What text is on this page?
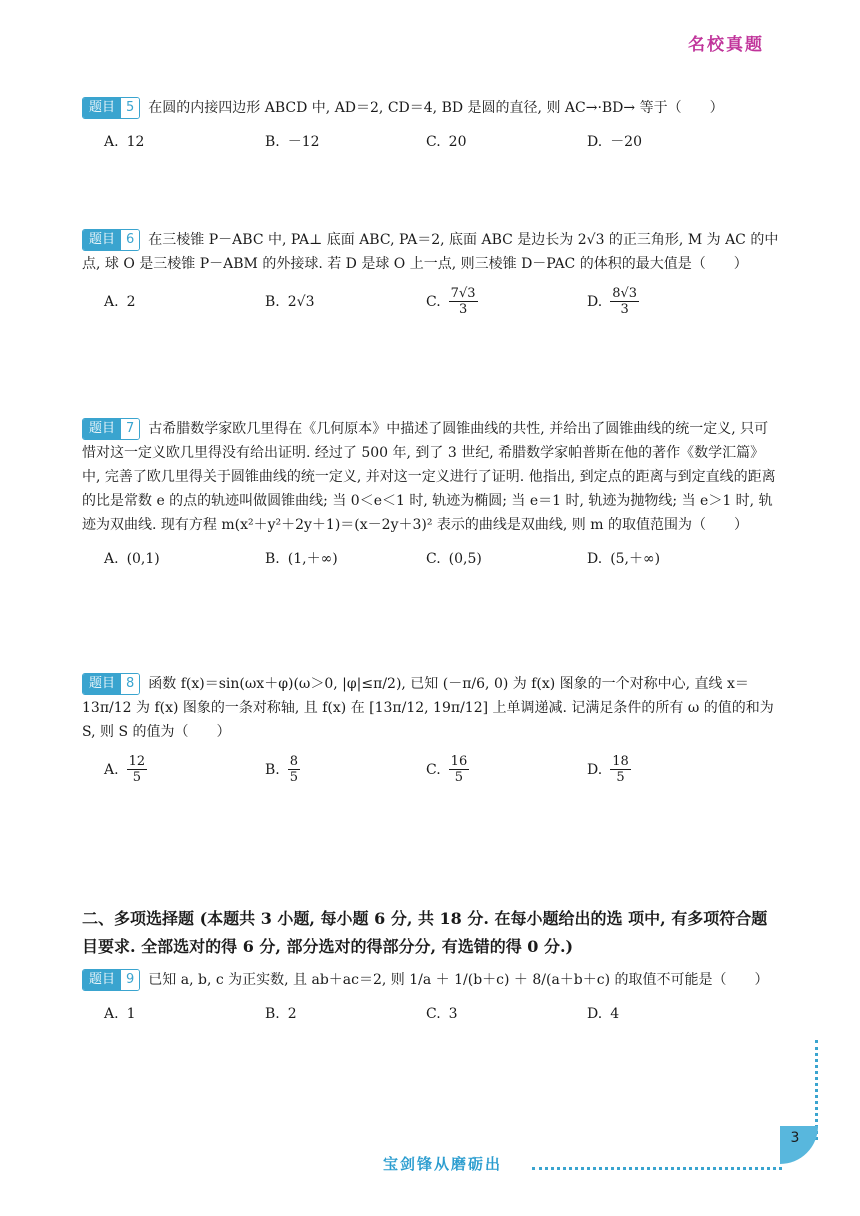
名校真题
题目 5	在圆的内接四边形 ABCD 中, AD＝2, CD＝4, BD 是圆的直径, 则 AC→·BD→ 等于（　　）
A. 12	B. －12	C. 20	D. －20
题目 6	在三棱锥 P－ABC 中, PA⊥ 底面 ABC, PA＝2, 底面 ABC 是边长为 2√3 的正三角形, M 为 AC 的中点, 球 O 是三棱锥 P－ABM 的外接球. 若 D 是球 O 上一点, 则三棱锥 D－PAC 的体积的最大值是（　　）
A. 2	B. 2√3	C. $\frac{7√3}{3}$	D. $\frac{8√3}{3}$
题目 7	古希腊数学家欧几里得在《几何原本》中描述了圆锥曲线的共性, 并给出了圆锥曲线的统一定义, 只可惜对这一定义欧几里得没有给出证明. 经过了 500 年, 到了 3 世纪, 希腊数学家帕普斯在他的著作《数学汇篇》中, 完善了欧几里得关于圆锥曲线的统一定义, 并对这一定义进行了证明. 他指出, 到定点的距离与到定直线的距离的比是常数 e 的点的轨迹叫做圆锥曲线; 当 0＜e＜1 时, 轨迹为椭圆; 当 e＝1 时, 轨迹为抛物线; 当 e＞1 时, 轨迹为双曲线. 现有方程 m(x²＋y²＋2y＋1)＝(x－2y＋3)² 表示的曲线是双曲线, 则 m 的取值范围为（　　）
A. (0,1)	B. (1,＋∞)	C. (0,5)	D. (5,＋∞)
题目 8	函数 f(x)＝sin(ωx＋φ)(ω＞0, |φ|≤π/2), 已知 (－π/6, 0) 为 f(x) 图象的一个对称中心, 直线 x＝13π/12 为 f(x) 图象的一条对称轴, 且 f(x) 在 [13π/12, 19π/12] 上单调递减. 记满足条件的所有 ω 的值的和为 S, 则 S 的值为（　　）
A. $\frac{12}{5}$	B. $\frac{8}{5}$	C. $\frac{16}{5}$	D. $\frac{18}{5}$
二、多项选择题 (本题共 3 小题, 每小题 6 分, 共 18 分. 在每小题给出的选 项中, 有多项符合题目要求. 全部选对的得 6 分, 部分选对的得部分分, 有选错的得 0 分.)
题目 9	已知 a, b, c 为正实数, 且 ab＋ac＝2, 则 1/a ＋ 1/(b＋c) ＋ 8/(a＋b＋c) 的取值不可能是（　　）
A. 1	B. 2	C. 3	D. 4
3
宝剑锋从磨砺出
